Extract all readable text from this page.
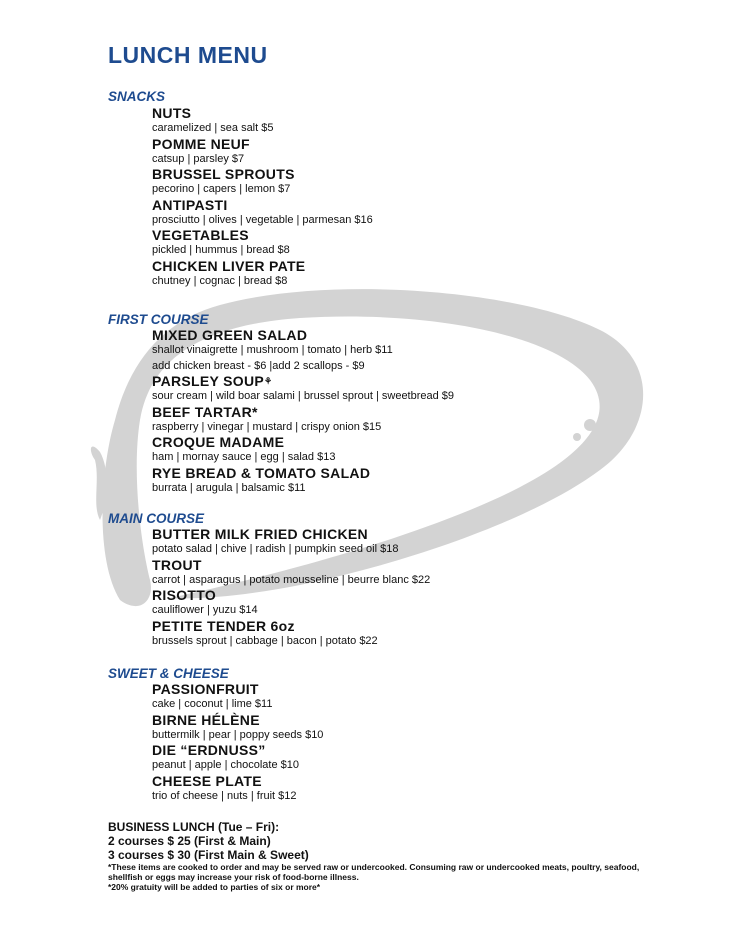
LUNCH MENU
SNACKS
NUTS
caramelized | sea salt $5
POMME NEUF
catsup | parsley $7
BRUSSEL SPROUTS
pecorino | capers | lemon $7
ANTIPASTI
prosciutto | olives | vegetable | parmesan $16
VEGETABLES
pickled | hummus | bread $8
CHICKEN LIVER PATE
chutney | cognac | bread $8
FIRST COURSE
MIXED GREEN SALAD
shallot vinaigrette | mushroom | tomato | herb $11
add chicken breast - $6 |add 2 scallops - $9
PARSLEY SOUP⚘
sour cream | wild boar salami | brussel sprout | sweetbread $9
BEEF TARTAR*
raspberry | vinegar | mustard | crispy onion $15
CROQUE MADAME
ham | mornay sauce | egg | salad $13
RYE BREAD & TOMATO SALAD
burrata | arugula | balsamic $11
MAIN COURSE
BUTTER MILK FRIED CHICKEN
potato salad | chive | radish | pumpkin seed oil $18
TROUT
carrot | asparagus | potato mousseline | beurre blanc $22
RISOTTO
cauliflower | yuzu $14
PETITE TENDER 6oz
brussels sprout | cabbage | bacon | potato $22
SWEET & CHEESE
PASSIONFRUIT
cake | coconut | lime $11
BIRNE HÉLÈNE
buttermilk | pear | poppy seeds $10
DIE “ERDNUSS”
peanut | apple | chocolate $10
CHEESE PLATE
trio of cheese | nuts | fruit $12
BUSINESS LUNCH (Tue – Fri):
2 courses $ 25 (First & Main)
3 courses $ 30 (First Main & Sweet)
*These items are cooked to order and may be served raw or undercooked. Consuming raw or undercooked meats, poultry, seafood, shellfish or eggs may increase your risk of food-borne illness.
*20% gratuity will be added to parties of six or more*
